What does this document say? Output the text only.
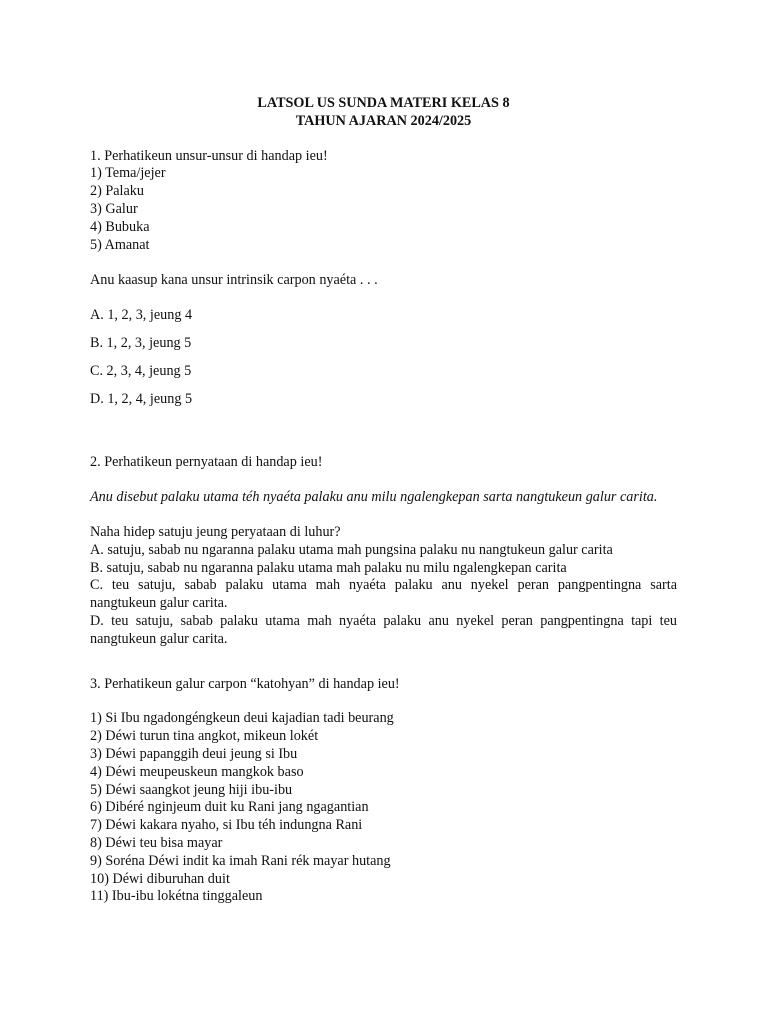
LATSOL US SUNDA MATERI KELAS 8
TAHUN AJARAN 2024/2025
1. Perhatikeun unsur-unsur di handap ieu!
1) Tema/jejer
2) Palaku
3) Galur
4) Bubuka
5) Amanat
Anu kaasup kana unsur intrinsik carpon nyaéta . . .
A. 1, 2, 3, jeung 4
B. 1, 2, 3, jeung 5
C. 2, 3, 4, jeung 5
D. 1, 2, 4, jeung 5
2. Perhatikeun pernyataan di handap ieu!
Anu disebut palaku utama téh nyaéta palaku anu milu ngalengkepan sarta nangtukeun galur carita.
Naha hidep satuju jeung peryataan di luhur?
A. satuju, sabab nu ngaranna palaku utama mah pungsina palaku nu nangtukeun galur carita
B. satuju, sabab nu ngaranna palaku utama mah palaku nu milu ngalengkepan carita
C. teu satuju, sabab palaku utama mah nyaéta palaku anu nyekel peran pangpentingna sarta nangtukeun galur carita.
D. teu satuju, sabab palaku utama mah nyaéta palaku anu nyekel peran pangpentingna tapi teu nangtukeun galur carita.
3. Perhatikeun galur carpon “katohyan” di handap ieu!
1) Si Ibu ngadongéngkeun deui kajadian tadi beurang
2) Déwi turun tina angkot, mikeun lokét
3) Déwi papanggih deui jeung si Ibu
4) Déwi meupeuskeun mangkok baso
5) Déwi saangkot jeung hiji ibu-ibu
6) Dibéré nginjeum duit ku Rani jang ngagantian
7) Déwi kakara nyaho, si Ibu téh indungna Rani
8) Déwi teu bisa mayar
9) Soréna Déwi indit ka imah Rani rék mayar hutang
10) Déwi diburuhan duit
11) Ibu-ibu lokétna tinggaleun
